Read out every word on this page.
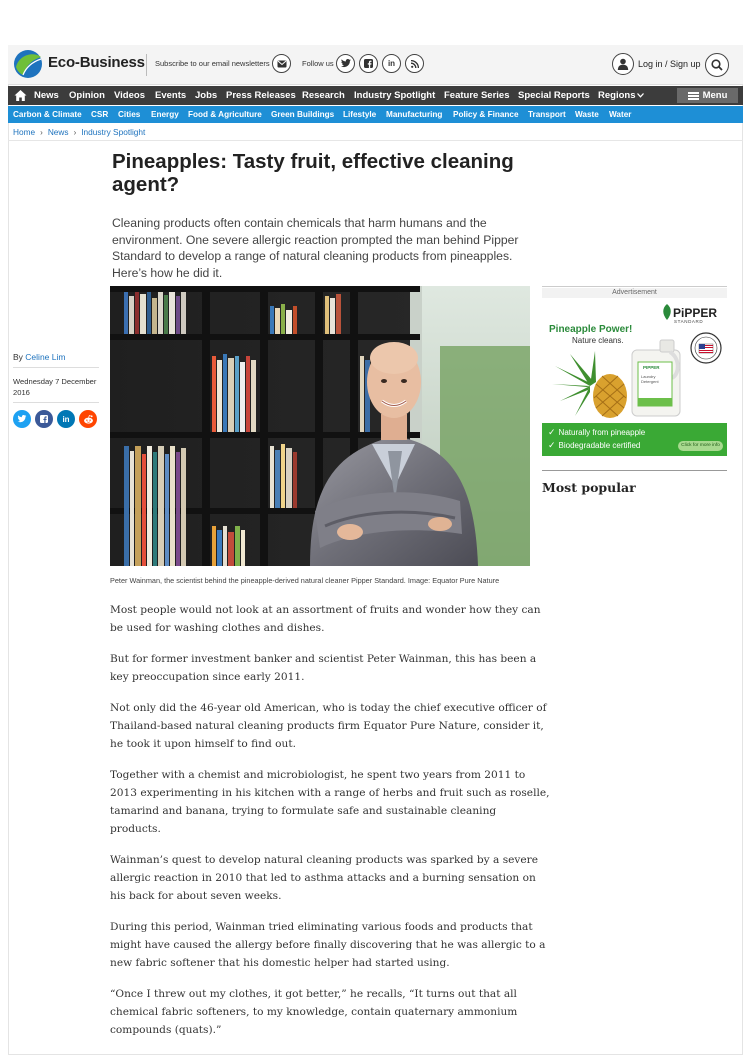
Eco-Business Subscribe to our email newsletters	Follow us	in	Log in / Sign up
News Opinion Videos Events Jobs Press Releases Research Industry Spotlight Feature Series Special Reports Regions	Menu
Carbon & Climate CSR Cities Energy Food & Agriculture Green Buildings Lifestyle Manufacturing Policy & Finance Transport Waste Water
Home › News › Industry Spotlight
Pineapples: Tasty fruit, effective cleaning agent?

Cleaning products often contain chemicals that harm humans and the environment. One severe allergic reaction prompted the man behind Pipper Standard to develop a range of natural cleaning products from pineapples. Here’s how he did it.

By Celine Lim
Wednesday 7 December 2016
in
Peter Wainman, the scientist behind the pineapple-derived natural cleaner Pipper Standard. Image: Equator Pure Nature
Advertisement
PiPPER
STANDARD
Pineapple Power!
Nature cleans.
PIPPER
Laundry Detergent
✓ Naturally from pineapple
✓ Biodegradable certified	Click for more info
Most popular

Most people would not look at an assortment of fruits and wonder how they can be used for washing clothes and dishes.

But for former investment banker and scientist Peter Wainman, this has been a key preoccupation since early 2011.

Not only did the 46-year old American, who is today the chief executive officer of Thailand-based natural cleaning products firm Equator Pure Nature, consider it, he took it upon himself to find out.

Together with a chemist and microbiologist, he spent two years from 2011 to 2013 experimenting in his kitchen with a range of herbs and fruit such as roselle, tamarind and banana, trying to formulate safe and sustainable cleaning products.

Wainman’s quest to develop natural cleaning products was sparked by a severe allergic reaction in 2010 that led to asthma attacks and a burning sensation on his back for about seven weeks.

During this period, Wainman tried eliminating various foods and products that might have caused the allergy before finally discovering that he was allergic to a new fabric softener that his domestic helper had started using.

“Once I threw out my clothes, it got better,” he recalls, “It turns out that all chemical fabric softeners, to my knowledge, contain quaternary ammonium compounds (quats).”
